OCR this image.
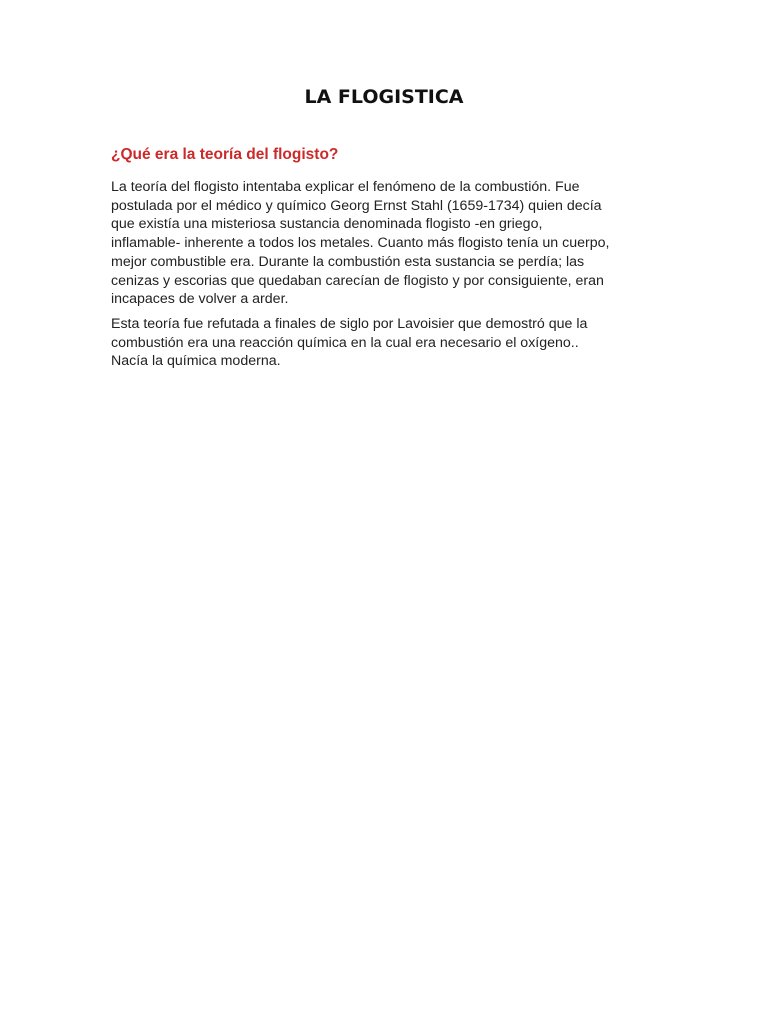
LA FLOGISTICA
¿Qué era la teoría del flogisto?

La teoría del flogisto intentaba explicar el fenómeno de la combustión. Fue
postulada por el médico y químico Georg Ernst Stahl (1659-1734) quien decía
que existía una misteriosa sustancia denominada flogisto -en griego,
inflamable- inherente a todos los metales. Cuanto más flogisto tenía un cuerpo,
mejor combustible era. Durante la combustión esta sustancia se perdía; las
cenizas y escorias que quedaban carecían de flogisto y por consiguiente, eran
incapaces de volver a arder.

Esta teoría fue refutada a finales de siglo por Lavoisier que demostró que la
combustión era una reacción química en la cual era necesario el oxígeno..
Nacía la química moderna.
